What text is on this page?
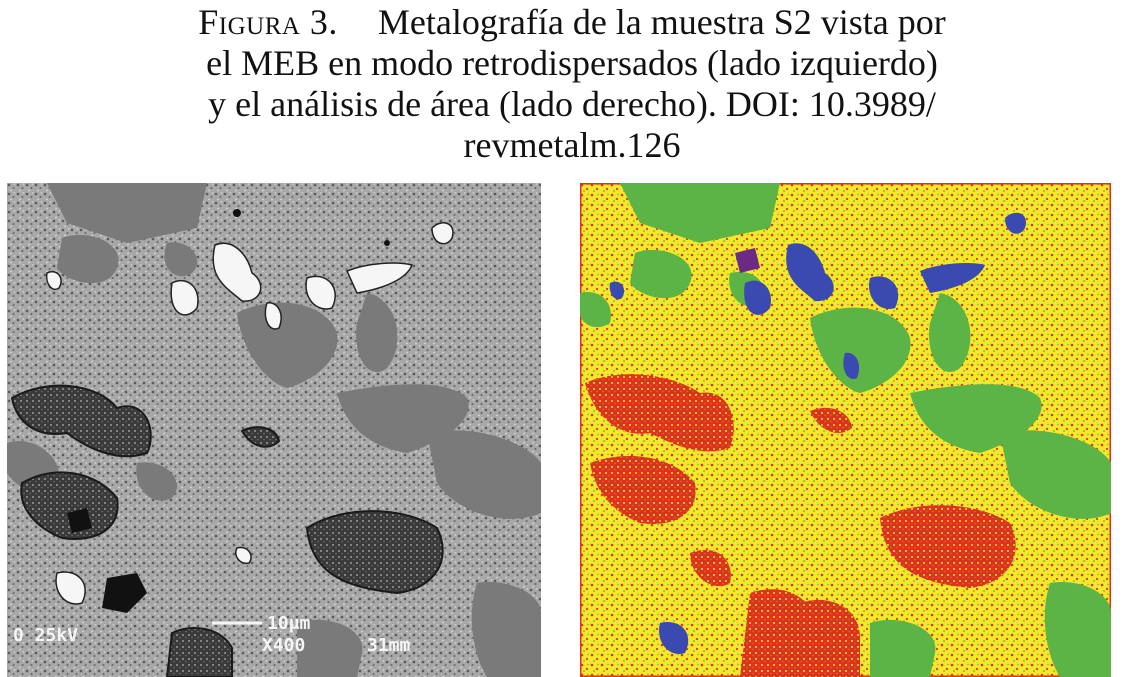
Figura 3. Metalografía de la muestra S2 vista por
el MEB en modo retrodispersados (lado izquierdo)
y el análisis de área (lado derecho). DOI: 10.3989/
revmetalm.126
0 25kV
10μm
X400	31mm
